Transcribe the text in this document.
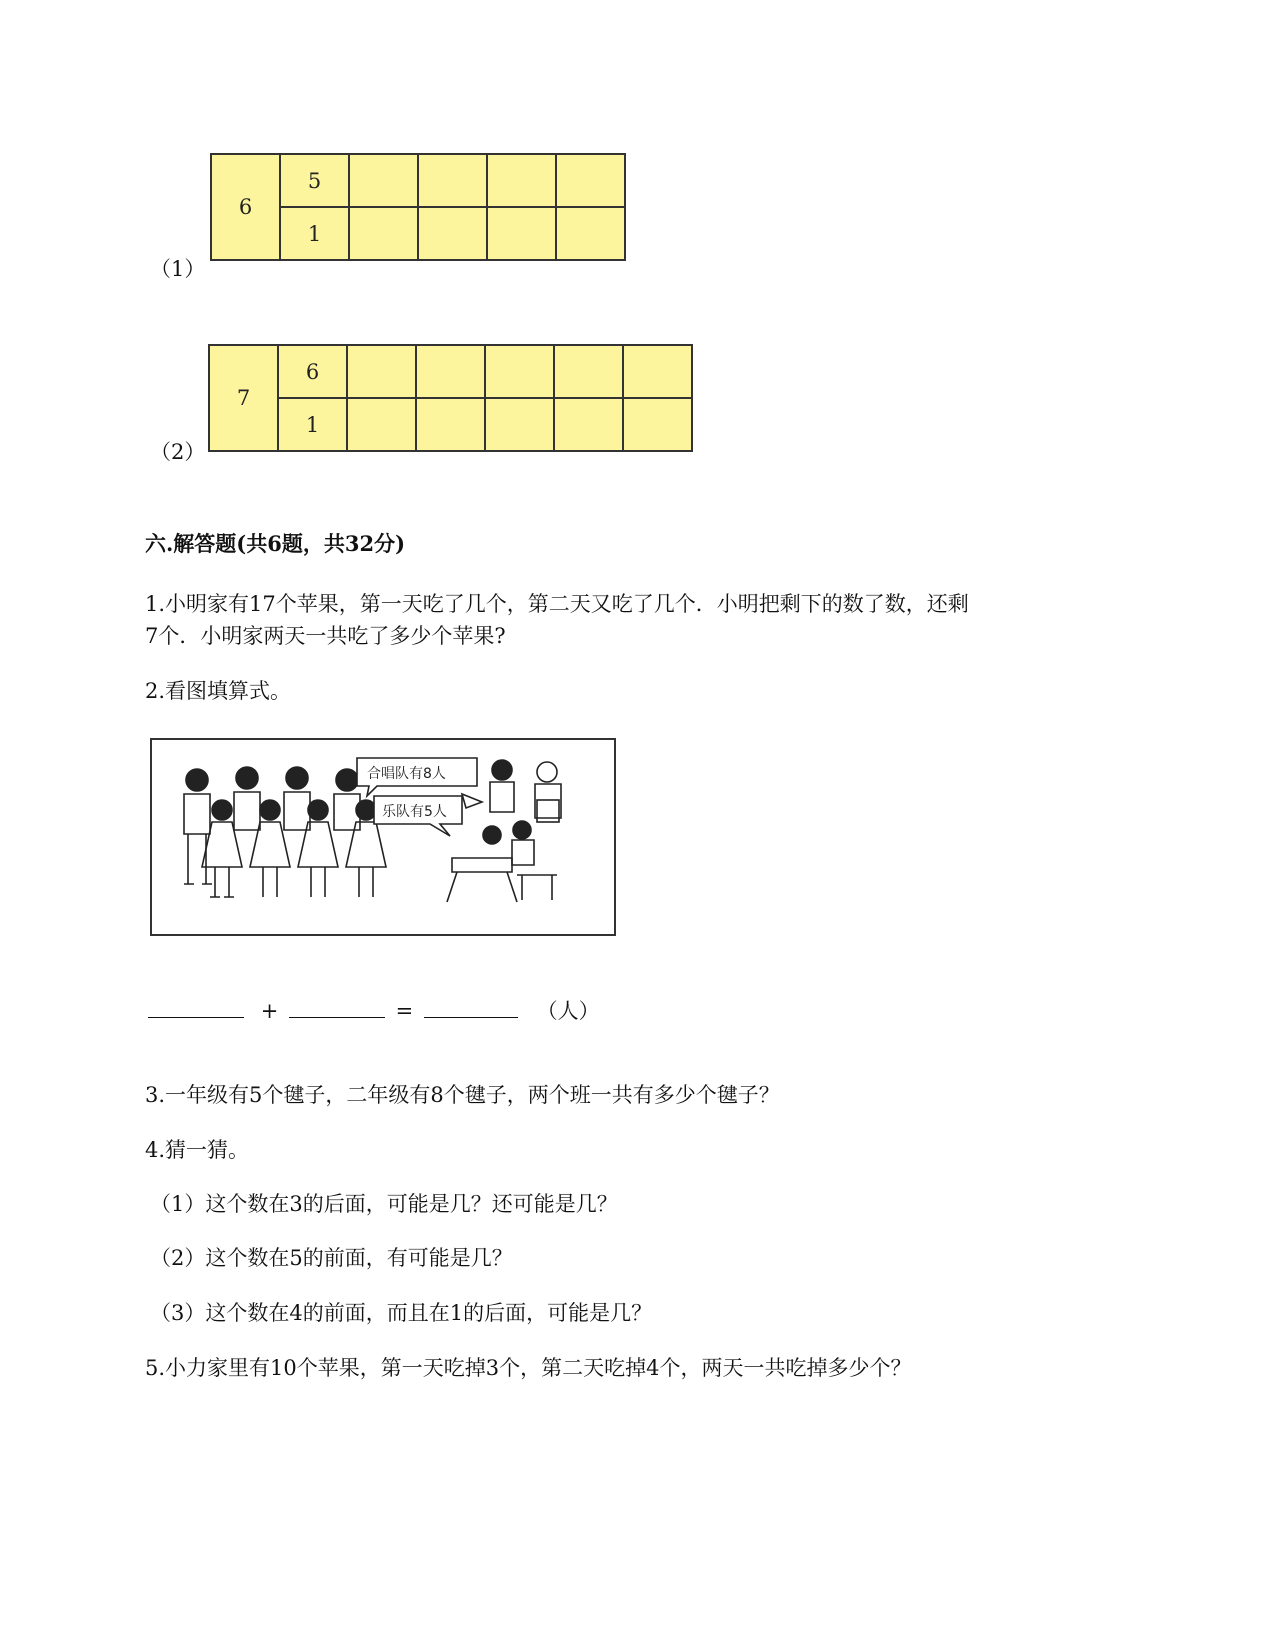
（1）
6	5				
	1				
（2）
7	6					
	1					
六.解答题(共6题，共32分)
1.小明家有17个苹果，第一天吃了几个，第二天又吃了几个．小明把剩下的数了数，还剩
7个．小明家两天一共吃了多少个苹果?
2.看图填算式。
合唱队有8人
乐队有5人
+	=	（人）
3.一年级有5个毽子，二年级有8个毽子，两个班一共有多少个毽子？
4.猜一猜。
（1）这个数在3的后面，可能是几？还可能是几？
（2）这个数在5的前面，有可能是几？
（3）这个数在4的前面，而且在1的后面，可能是几？
5.小力家里有10个苹果，第一天吃掉3个，第二天吃掉4个，两天一共吃掉多少个？
